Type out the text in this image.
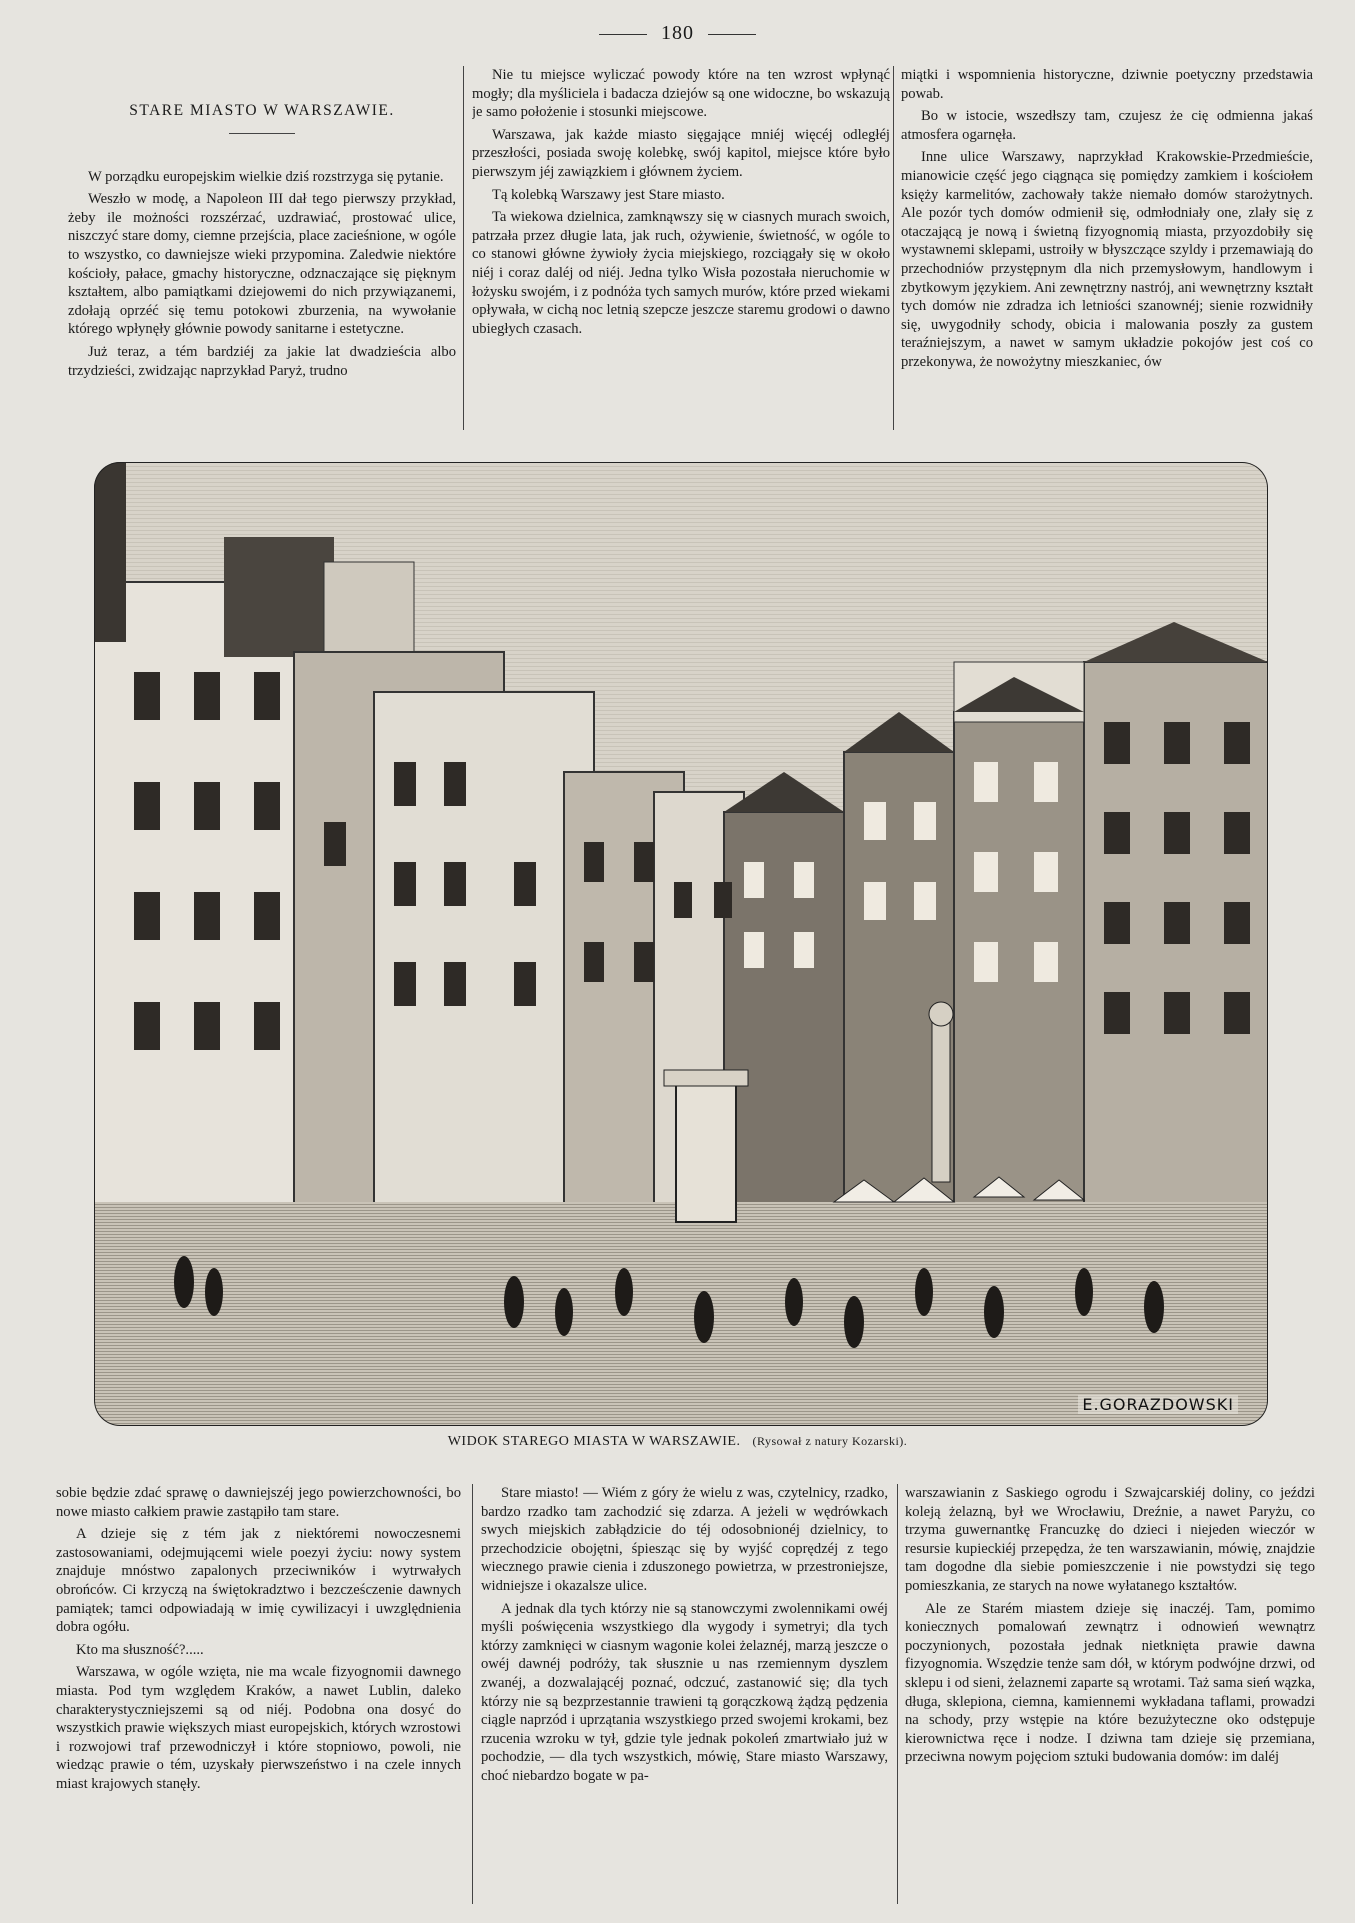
180
STARE MIASTO W WARSZAWIE.

W porządku europejskim wielkie dziś rozstrzyga się pytanie.

Weszło w modę, a Napoleon III dał tego pierwszy przykład, żeby ile możności rozszérzać, uzdrawiać, prostować ulice, niszczyć stare domy, ciemne przejścia, place zacieśnione, w ogóle to wszystko, co dawniejsze wieki przypomina. Zaledwie niektóre kościoły, pałace, gmachy historyczne, odznaczające się pięknym kształtem, albo pamiątkami dziejowemi do nich przywiązanemi, zdołają oprzéć się temu potokowi zburzenia, na wywołanie którego wpłynęły głównie powody sanitarne i estetyczne.

Już teraz, a tém bardziéj za jakie lat dwadzieścia albo trzydzieści, zwidzając naprzykład Paryż, trudno

Nie tu miejsce wyliczać powody które na ten wzrost wpłynąć mogły; dla myśliciela i badacza dziejów są one widoczne, bo wskazują je samo położenie i stosunki miejscowe.

Warszawa, jak każde miasto sięgające mniéj więcéj odległéj przeszłości, posiada swoję kolebkę, swój kapitol, miejsce które było pierwszym jéj zawiązkiem i głównem życiem.

Tą kolebką Warszawy jest Stare miasto.

Ta wiekowa dzielnica, zamknąwszy się w ciasnych murach swoich, patrzała przez długie lata, jak ruch, ożywienie, świetność, w ogóle to co stanowi główne żywioły życia miejskiego, rozciągały się w około niéj i coraz daléj od niéj. Jedna tylko Wisła pozostała nieruchomie w łożysku swojém, i z podnóża tych samych murów, które przed wiekami opływała, w cichą noc letnią szepcze jeszcze staremu grodowi o dawno ubiegłych czasach.

miątki i wspomnienia historyczne, dziwnie poetyczny przedstawia powab.

Bo w istocie, wszedłszy tam, czujesz że cię odmienna jakaś atmosfera ogarnęła.

Inne ulice Warszawy, naprzykład Krakowskie-Przedmieście, mianowicie część jego ciągnąca się pomiędzy zamkiem i kościołem księży karmelitów, zachowały także niemało domów starożytnych. Ale pozór tych domów odmienił się, odmłodniały one, zlały się z otaczającą je nową i świetną fizyognomią miasta, przyozdobiły się wystawnemi sklepami, ustroiły w błyszczące szyldy i przemawiają do przechodniów przystępnym dla nich przemysłowym, handlowym i zbytkowym językiem. Ani zewnętrzny nastrój, ani wewnętrzny kształt tych domów nie zdradza ich letniości szanownéj; sienie rozwidniły się, uwygodniły schody, obicia i malowania poszły za gustem teraźniejszym, a nawet w samym układzie pokojów jest coś co przekonywa, że nowożytny mieszkaniec, ów

E.GORAZDOWSKI
WIDOK STAREGO MIASTA W WARSZAWIE. (Rysował z natury Kozarski).

sobie będzie zdać sprawę o dawniejszéj jego powierzchowności, bo nowe miasto całkiem prawie zastąpiło tam stare.

A dzieje się z tém jak z niektóremi nowoczesnemi zastosowaniami, odejmującemi wiele poezyi życiu: nowy system znajduje mnóstwo zapalonych przeciwników i wytrwałych obrońców. Ci krzyczą na świętokradztwo i bezcześczenie dawnych pamiątek; tamci odpowiadają w imię cywilizacyi i uwzględnienia dobra ogółu.

Kto ma słuszność?.....

Warszawa, w ogóle wzięta, nie ma wcale fizyognomii dawnego miasta. Pod tym względem Kraków, a nawet Lublin, daleko charakterystyczniejszemi są od niéj. Podobna ona dosyć do wszystkich prawie większych miast europejskich, których wzrostowi i rozwojowi traf przewodniczył i które stopniowo, powoli, nie wiedząc prawie o tém, uzyskały pierwszeństwo i na czele innych miast krajowych stanęły.

Stare miasto! — Wiém z góry że wielu z was, czytelnicy, rzadko, bardzo rzadko tam zachodzić się zdarza. A jeżeli w wędrówkach swych miejskich zabłądzicie do téj odosobnionéj dzielnicy, to przechodzicie obojętni, śpiesząc się by wyjść coprędzéj z tego wiecznego prawie cienia i zduszonego powietrza, w przestroniejsze, widniejsze i okazalsze ulice.

A jednak dla tych którzy nie są stanowczymi zwolennikami owéj myśli poświęcenia wszystkiego dla wygody i symetryi; dla tych którzy zamknięci w ciasnym wagonie kolei żelaznéj, marzą jeszcze o owéj dawnéj podróży, tak słusznie u nas rzemiennym dyszlem zwanéj, a dozwalającéj poznać, odczuć, zastanowić się; dla tych którzy nie są bezprzestannie trawieni tą gorączkową żądzą pędzenia ciągle naprzód i uprzątania wszystkiego przed swojemi krokami, bez rzucenia wzroku w tył, gdzie tyle jednak pokoleń zmartwiało już w pochodzie, — dla tych wszystkich, mówię, Stare miasto Warszawy, choć niebardzo bogate w pa-

warszawianin z Saskiego ogrodu i Szwajcarskiéj doliny, co jeździ koleją żelazną, był we Wrocławiu, Dreźnie, a nawet Paryżu, co trzyma guwernantkę Francuzkę do dzieci i niejeden wieczór w resursie kupieckiéj przepędza, że ten warszawianin, mówię, znajdzie tam dogodne dla siebie pomieszczenie i nie powstydzi się tego pomieszkania, ze starych na nowe wyłatanego kształtów.

Ale ze Starém miastem dzieje się inaczéj. Tam, pomimo koniecznych pomalowań zewnątrz i odnowień wewnątrz poczynionych, pozostała jednak nietknięta prawie dawna fizyognomia. Wszędzie tenże sam dół, w którym podwójne drzwi, od sklepu i od sieni, żelaznemi zaparte są wrotami. Taż sama sień wązka, długa, sklepiona, ciemna, kamiennemi wykładana taflami, prowadzi na schody, przy wstępie na które bezużyteczne oko odstępuje kierownictwa ręce i nodze. I dziwna tam dzieje się przemiana, przeciwna nowym pojęciom sztuki budowania domów: im daléj
